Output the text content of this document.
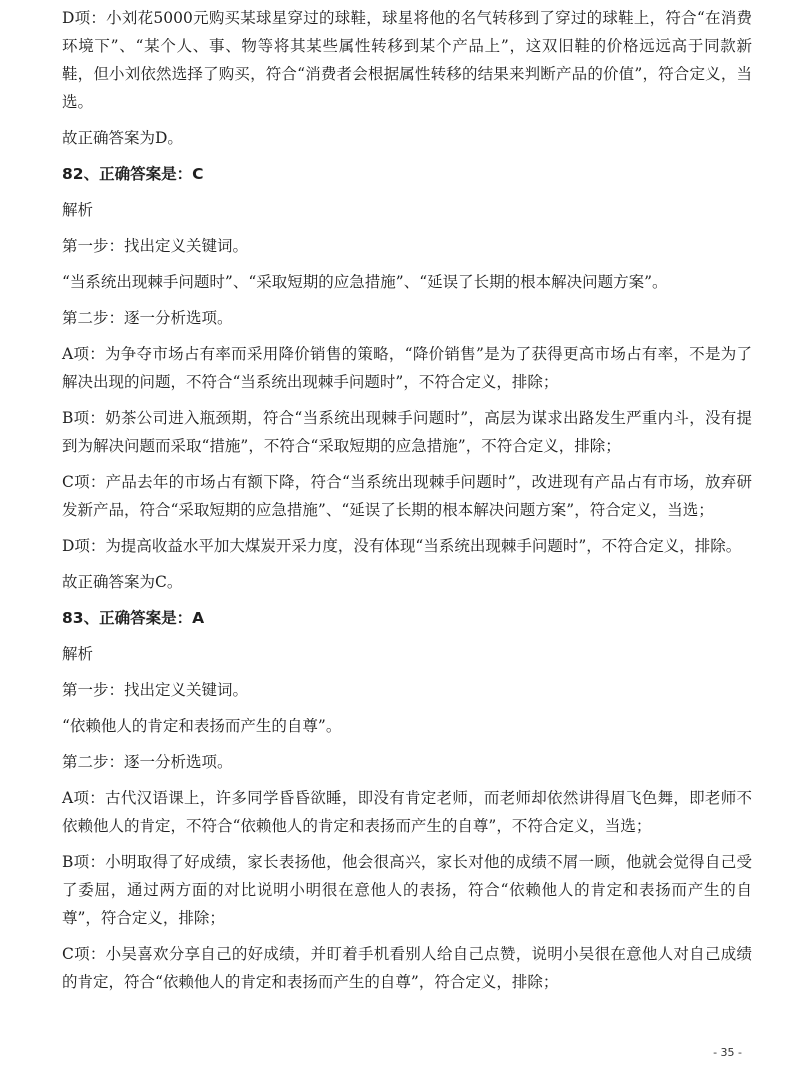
D项：小刘花5000元购买某球星穿过的球鞋，球星将他的名气转移到了穿过的球鞋上，符合“在消费环境下”、“某个人、事、物等将其某些属性转移到某个产品上”，这双旧鞋的价格远远高于同款新鞋，但小刘依然选择了购买，符合“消费者会根据属性转移的结果来判断产品的价值”，符合定义，当选。

故正确答案为D。

82、正确答案是：C

解析

第一步：找出定义关键词。

“当系统出现棘手问题时”、“采取短期的应急措施”、“延误了长期的根本解决问题方案”。

第二步：逐一分析选项。

A项：为争夺市场占有率而采用降价销售的策略，“降价销售”是为了获得更高市场占有率，不是为了解决出现的问题，不符合“当系统出现棘手问题时”，不符合定义，排除；

B项：奶茶公司进入瓶颈期，符合“当系统出现棘手问题时”，高层为谋求出路发生严重内斗，没有提到为解决问题而采取“措施”，不符合“采取短期的应急措施”，不符合定义，排除；

C项：产品去年的市场占有额下降，符合“当系统出现棘手问题时”，改进现有产品占有市场，放弃研发新产品，符合“采取短期的应急措施”、“延误了长期的根本解决问题方案”，符合定义，当选；

D项：为提高收益水平加大煤炭开采力度，没有体现“当系统出现棘手问题时”，不符合定义，排除。

故正确答案为C。

83、正确答案是：A

解析

第一步：找出定义关键词。

“依赖他人的肯定和表扬而产生的自尊”。

第二步：逐一分析选项。

A项：古代汉语课上，许多同学昏昏欲睡，即没有肯定老师，而老师却依然讲得眉飞色舞，即老师不依赖他人的肯定，不符合“依赖他人的肯定和表扬而产生的自尊”，不符合定义，当选；

B项：小明取得了好成绩，家长表扬他，他会很高兴，家长对他的成绩不屑一顾，他就会觉得自己受了委屈，通过两方面的对比说明小明很在意他人的表扬，符合“依赖他人的肯定和表扬而产生的自尊”，符合定义，排除；

C项：小吴喜欢分享自己的好成绩，并盯着手机看别人给自己点赞，说明小吴很在意他人对自己成绩的肯定，符合“依赖他人的肯定和表扬而产生的自尊”，符合定义，排除；

- 35 -
